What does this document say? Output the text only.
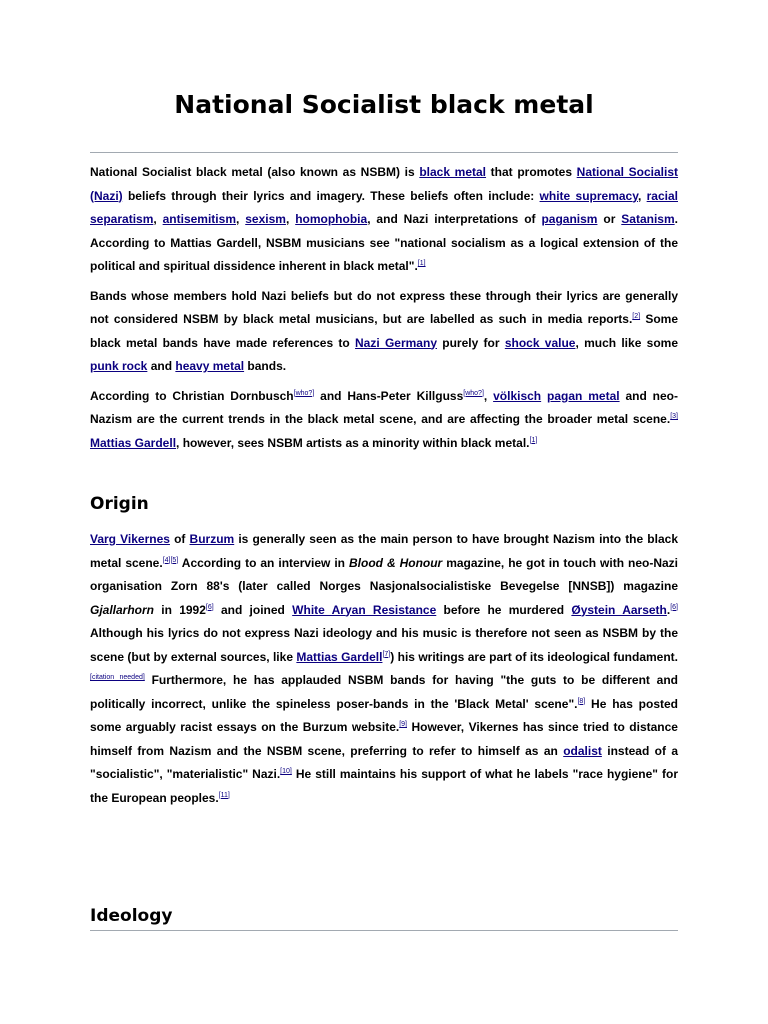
National Socialist black metal

National Socialist black metal (also known as NSBM) is black metal that promotes National Socialist (Nazi) beliefs through their lyrics and imagery. These beliefs often include: white supremacy, racial separatism, antisemitism, sexism, homophobia, and Nazi interpretations of paganism or Satanism. According to Mattias Gardell, NSBM musicians see "national socialism as a logical extension of the political and spiritual dissidence inherent in black metal".[1]

Bands whose members hold Nazi beliefs but do not express these through their lyrics are generally not considered NSBM by black metal musicians, but are labelled as such in media reports.[2] Some black metal bands have made references to Nazi Germany purely for shock value, much like some punk rock and heavy metal bands.

According to Christian Dornbusch[who?] and Hans-Peter Killguss[who?], völkisch pagan metal and neo-Nazism are the current trends in the black metal scene, and are affecting the broader metal scene.[3] Mattias Gardell, however, sees NSBM artists as a minority within black metal.[1]

Origin

Varg Vikernes of Burzum is generally seen as the main person to have brought Nazism into the black metal scene.[4][5] According to an interview in Blood & Honour magazine, he got in touch with neo-Nazi organisation Zorn 88's (later called Norges Nasjonalsocialistiske Bevegelse [NNSB]) magazine Gjallarhorn in 1992[6] and joined White Aryan Resistance before he murdered Øystein Aarseth.[6] Although his lyrics do not express Nazi ideology and his music is therefore not seen as NSBM by the scene (but by external sources, like Mattias Gardell[7]) his writings are part of its ideological fundament.[citation needed] Furthermore, he has applauded NSBM bands for having "the guts to be different and politically incorrect, unlike the spineless poser-bands in the 'Black Metal' scene".[8] He has posted some arguably racist essays on the Burzum website.[9] However, Vikernes has since tried to distance himself from Nazism and the NSBM scene, preferring to refer to himself as an odalist instead of a "socialistic", "materialistic" Nazi.[10] He still maintains his support of what he labels "race hygiene" for the European peoples.[11]

Ideology
